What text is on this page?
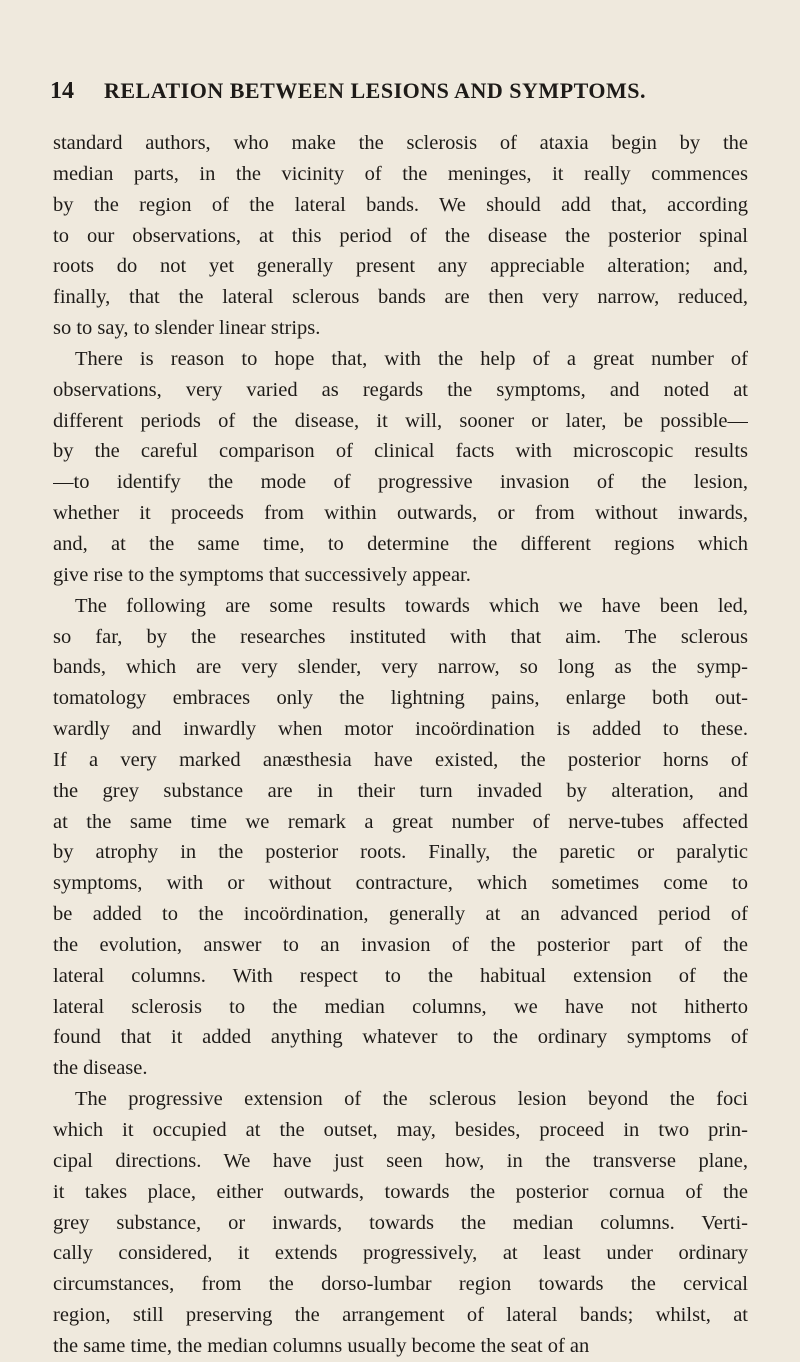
14 RELATION BETWEEN LESIONS AND SYMPTOMS.

standard authors, who make the sclerosis of ataxia begin by the
median parts, in the vicinity of the meninges, it really commences
by the region of the lateral bands. We should add that, according
to our observations, at this period of the disease the posterior spinal
roots do not yet generally present any appreciable alteration; and,
finally, that the lateral sclerous bands are then very narrow, reduced,
so to say, to slender linear strips.

There is reason to hope that, with the help of a great number of
observations, very varied as regards the symptoms, and noted at
different periods of the disease, it will, sooner or later, be possible—
by the careful comparison of clinical facts with microscopic results
—to identify the mode of progressive invasion of the lesion,
whether it proceeds from within outwards, or from without inwards,
and, at the same time, to determine the different regions which
give rise to the symptoms that successively appear.

The following are some results towards which we have been led,
so far, by the researches instituted with that aim. The sclerous
bands, which are very slender, very narrow, so long as the symp-
tomatology embraces only the lightning pains, enlarge both out-
wardly and inwardly when motor incoördination is added to these.
If a very marked anæsthesia have existed, the posterior horns of
the grey substance are in their turn invaded by alteration, and
at the same time we remark a great number of nerve-tubes affected
by atrophy in the posterior roots. Finally, the paretic or paralytic
symptoms, with or without contracture, which sometimes come to
be added to the incoördination, generally at an advanced period of
the evolution, answer to an invasion of the posterior part of the
lateral columns. With respect to the habitual extension of the
lateral sclerosis to the median columns, we have not hitherto
found that it added anything whatever to the ordinary symptoms of
the disease.

The progressive extension of the sclerous lesion beyond the foci
which it occupied at the outset, may, besides, proceed in two prin-
cipal directions. We have just seen how, in the transverse plane,
it takes place, either outwards, towards the posterior cornua of the
grey substance, or inwards, towards the median columns. Verti-
cally considered, it extends progressively, at least under ordinary
circumstances, from the dorso-lumbar region towards the cervical
region, still preserving the arrangement of lateral bands; whilst, at
the same time, the median columns usually become the seat of an
